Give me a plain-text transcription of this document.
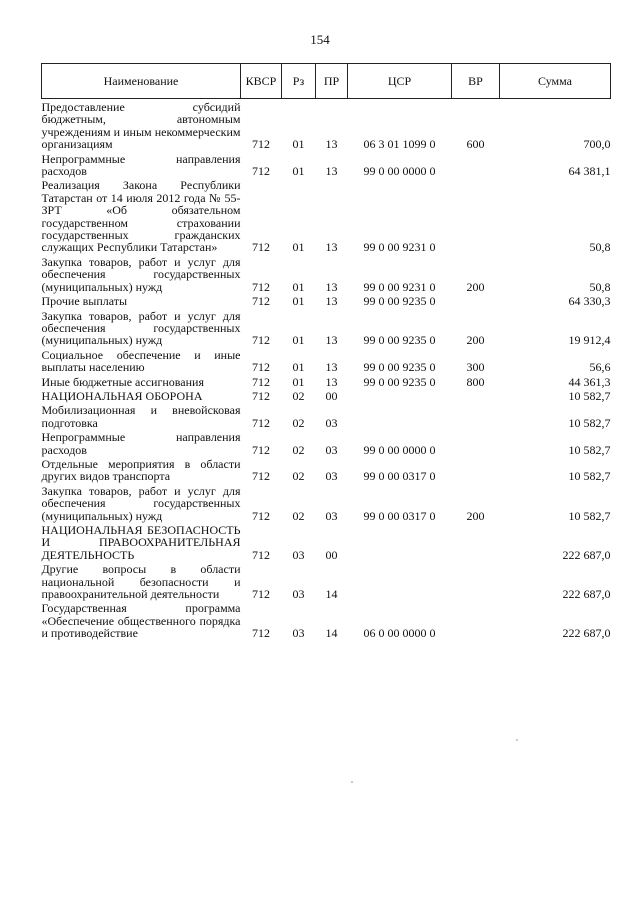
154
Наименование	КВСР	Рз	ПР	ЦСР	ВР	Сумма
Предоставление субсидий бюджетным, автономным учреждениям и иным некоммерческим организациям	712	01	13	06 3 01 1099 0	600	700,0
Непрограммные направления расходов	712	01	13	99 0 00 0000 0		64 381,1
Реализация Закона Республики Татарстан от 14 июля 2012 года № 55-ЗРТ «Об обязательном государственном страховании государственных гражданских служащих Республики Татарстан»	712	01	13	99 0 00 9231 0		50,8
Закупка товаров, работ и услуг для обеспечения государственных (муниципальных) нужд	712	01	13	99 0 00 9231 0	200	50,8
Прочие выплаты	712	01	13	99 0 00 9235 0		64 330,3
Закупка товаров, работ и услуг для обеспечения государственных (муниципальных) нужд	712	01	13	99 0 00 9235 0	200	19 912,4
Социальное обеспечение и иные выплаты населению	712	01	13	99 0 00 9235 0	300	56,6
Иные бюджетные ассигнования	712	01	13	99 0 00 9235 0	800	44 361,3
НАЦИОНАЛЬНАЯ ОБОРОНА	712	02	00			10 582,7
Мобилизационная и вневойсковая подготовка	712	02	03			10 582,7
Непрограммные направления расходов	712	02	03	99 0 00 0000 0		10 582,7
Отдельные мероприятия в области других видов транспорта	712	02	03	99 0 00 0317 0		10 582,7
Закупка товаров, работ и услуг для обеспечения государственных (муниципальных) нужд	712	02	03	99 0 00 0317 0	200	10 582,7
НАЦИОНАЛЬНАЯ БЕЗОПАСНОСТЬ И ПРАВООХРАНИТЕЛЬНАЯ ДЕЯТЕЛЬНОСТЬ	712	03	00			222 687,0
Другие вопросы в области национальной безопасности и правоохранительной деятельности	712	03	14			222 687,0
Государственная программа «Обеспечение общественного порядка и противодействие	712	03	14	06 0 00 0000 0		222 687,0
